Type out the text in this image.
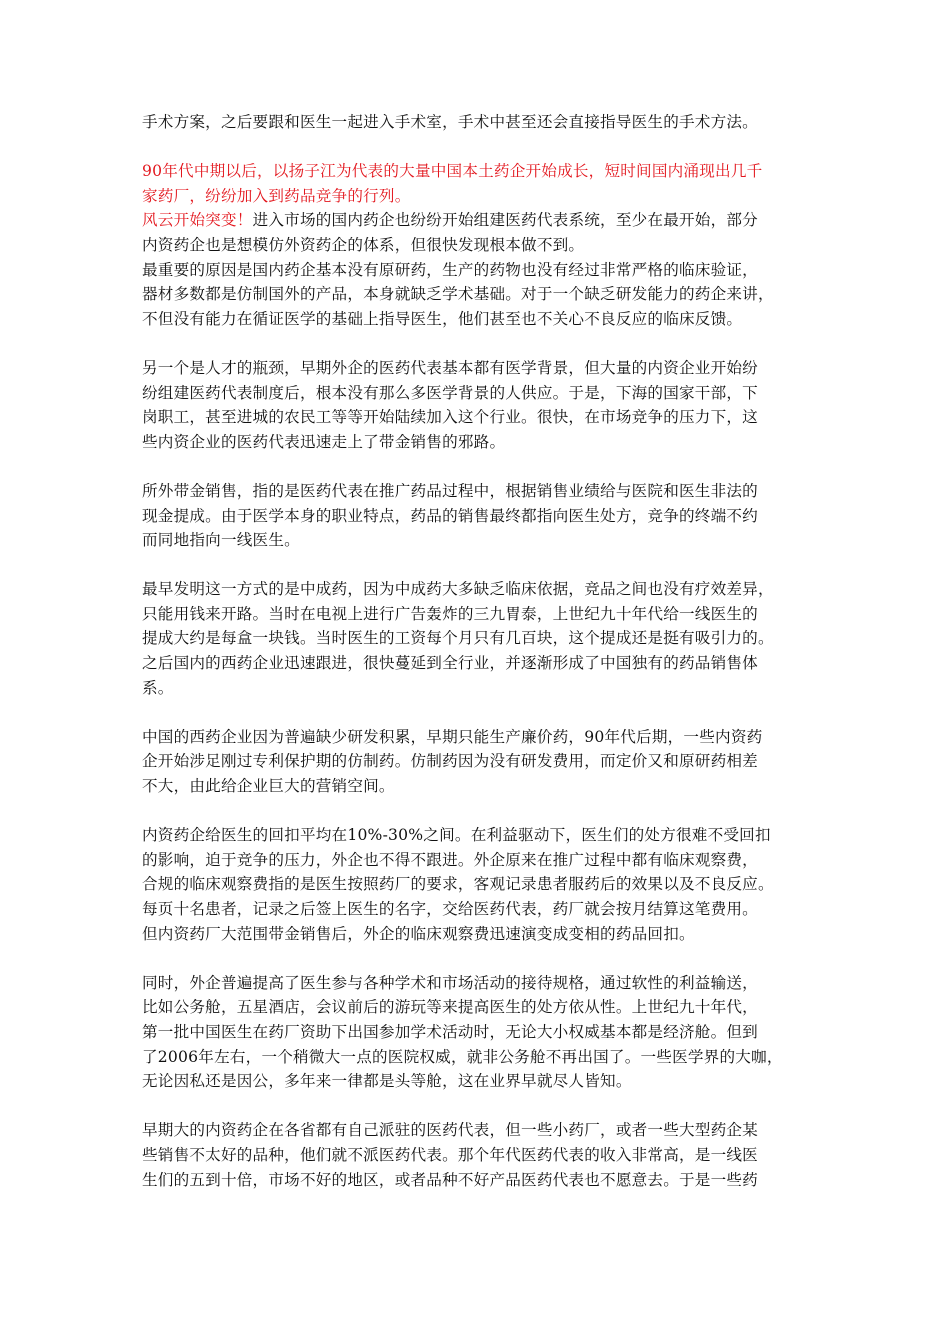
手术方案，之后要跟和医生一起进入手术室，手术中甚至还会直接指导医生的手术方法。
90年代中期以后，以扬子江为代表的大量中国本土药企开始成长，短时间国内涌现出几千
家药厂，纷纷加入到药品竞争的行列。
风云开始突变！进入市场的国内药企也纷纷开始组建医药代表系统，至少在最开始，部分
内资药企也是想模仿外资药企的体系，但很快发现根本做不到。
最重要的原因是国内药企基本没有原研药，生产的药物也没有经过非常严格的临床验证，
器材多数都是仿制国外的产品，本身就缺乏学术基础。对于一个缺乏研发能力的药企来讲，
不但没有能力在循证医学的基础上指导医生，他们甚至也不关心不良反应的临床反馈。
另一个是人才的瓶颈，早期外企的医药代表基本都有医学背景，但大量的内资企业开始纷
纷组建医药代表制度后，根本没有那么多医学背景的人供应。于是，下海的国家干部，下
岗职工，甚至进城的农民工等等开始陆续加入这个行业。很快，在市场竞争的压力下，这
些内资企业的医药代表迅速走上了带金销售的邪路。
所外带金销售，指的是医药代表在推广药品过程中，根据销售业绩给与医院和医生非法的
现金提成。由于医学本身的职业特点，药品的销售最终都指向医生处方，竞争的终端不约
而同地指向一线医生。
最早发明这一方式的是中成药，因为中成药大多缺乏临床依据，竞品之间也没有疗效差异，
只能用钱来开路。当时在电视上进行广告轰炸的三九胃泰，上世纪九十年代给一线医生的
提成大约是每盒一块钱。当时医生的工资每个月只有几百块，这个提成还是挺有吸引力的。
之后国内的西药企业迅速跟进，很快蔓延到全行业，并逐渐形成了中国独有的药品销售体
系。
中国的西药企业因为普遍缺少研发积累，早期只能生产廉价药，90年代后期，一些内资药
企开始涉足刚过专利保护期的仿制药。仿制药因为没有研发费用，而定价又和原研药相差
不大，由此给企业巨大的营销空间。
内资药企给医生的回扣平均在10%-30%之间。在利益驱动下，医生们的处方很难不受回扣
的影响，迫于竞争的压力，外企也不得不跟进。外企原来在推广过程中都有临床观察费，
合规的临床观察费指的是医生按照药厂的要求，客观记录患者服药后的效果以及不良反应。
每页十名患者，记录之后签上医生的名字，交给医药代表，药厂就会按月结算这笔费用。
但内资药厂大范围带金销售后，外企的临床观察费迅速演变成变相的药品回扣。
同时，外企普遍提高了医生参与各种学术和市场活动的接待规格，通过软性的利益输送，
比如公务舱，五星酒店，会议前后的游玩等来提高医生的处方依从性。上世纪九十年代，
第一批中国医生在药厂资助下出国参加学术活动时，无论大小权威基本都是经济舱。但到
了2006年左右，一个稍微大一点的医院权威，就非公务舱不再出国了。一些医学界的大咖，
无论因私还是因公，多年来一律都是头等舱，这在业界早就尽人皆知。
早期大的内资药企在各省都有自己派驻的医药代表，但一些小药厂，或者一些大型药企某
些销售不太好的品种，他们就不派医药代表。那个年代医药代表的收入非常高，是一线医
生们的五到十倍，市场不好的地区，或者品种不好产品医药代表也不愿意去。于是一些药
